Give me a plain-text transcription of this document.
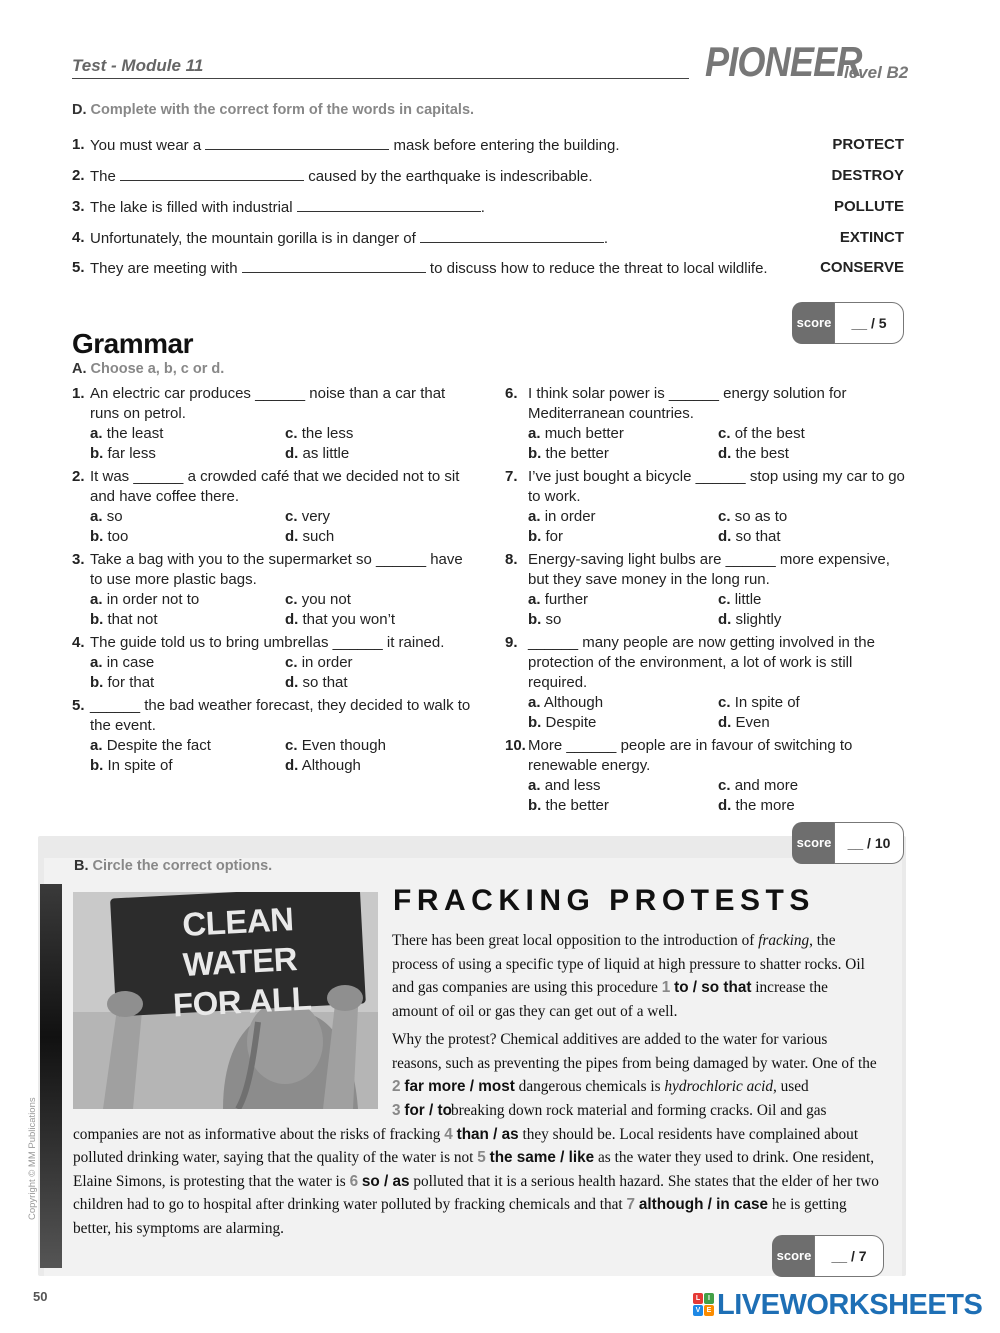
Test - Module 11	PIONEER
level B2
D. Complete with the correct form of the words in capitals.
1. You must wear a	mask before entering the building.	PROTECT
2. The	caused by the earthquake is indescribable.	DESTROY
3. The lake is filled with industrial	.	POLLUTE
4. Unfortunately, the mountain gorilla is in danger of	.	EXTINCT
5. They are meeting with	to discuss how to reduce the threat to local wildlife.	CONSERVE
score	__ / 5
Grammar
A. Choose a, b, c or d.
1. An electric car produces ______ noise than a car that runs on petrol.
a. the least	c. the less
b. far less	d. as little
2. It was ______ a crowded café that we decided not to sit and have coffee there.
a. so	c. very
b. too	d. such
3. Take a bag with you to the supermarket so ______ have to use more plastic bags.
a. in order not to	c. you not
b. that not	d. that you won’t
4. The guide told us to bring umbrellas ______ it rained.
a. in case	c. in order
b. for that	d. so that
5. ______ the bad weather forecast, they decided to walk to the event.
a. Despite the fact	c. Even though
b. In spite of	d. Although
6. I think solar power is ______ energy solution for Mediterranean countries.
a. much better	c. of the best
b. the better	d. the best
7. I’ve just bought a bicycle ______ stop using my car to go to work.
a. in order	c. so as to
b. for	d. so that
8. Energy-saving light bulbs are ______ more expensive, but they save money in the long run.
a. further	c. little
b. so	d. slightly
9. ______ many people are now getting involved in the protection of the environment, a lot of work is still required.
a. Although	c. In spite of
b. Despite	d. Even
10. More ______ people are in favour of switching to renewable energy.
a. and less	c. and more
b. the better	d. the more
score	__ / 10
B. Circle the correct options.
CLEAN WATER
FOR ALL
FRACKING PROTESTS
There has been great local opposition to the introduction of fracking, the process of using a specific type of liquid at high pressure to shatter rocks. Oil and gas companies are using this procedure 1 to / so that increase the amount of oil or gas they can get out of a well.
Why the protest? Chemical additives are added to the water for various reasons, such as preventing the pipes from being damaged by water. One of the 2 far more / most dangerous chemicals is hydrochloric acid, used
3 for / to breaking down rock material and forming cracks. Oil and gas companies are not as informative about the risks of fracking 4 than / as they should be. Local residents have complained about polluted drinking water, saying that the quality of the water is not 5 the same / like as the water they used to drink. One resident, Elaine Simons, is protesting that the water is 6 so / as polluted that it is a serious health hazard. She states that the elder of her two children had to go to hospital after drinking water polluted by fracking chemicals and that 7 although / in case he is getting better, his symptoms are alarming.
score	__ / 7
Copyright © MM Publications
50	L	I
V E LIVEWORKSHEETS
